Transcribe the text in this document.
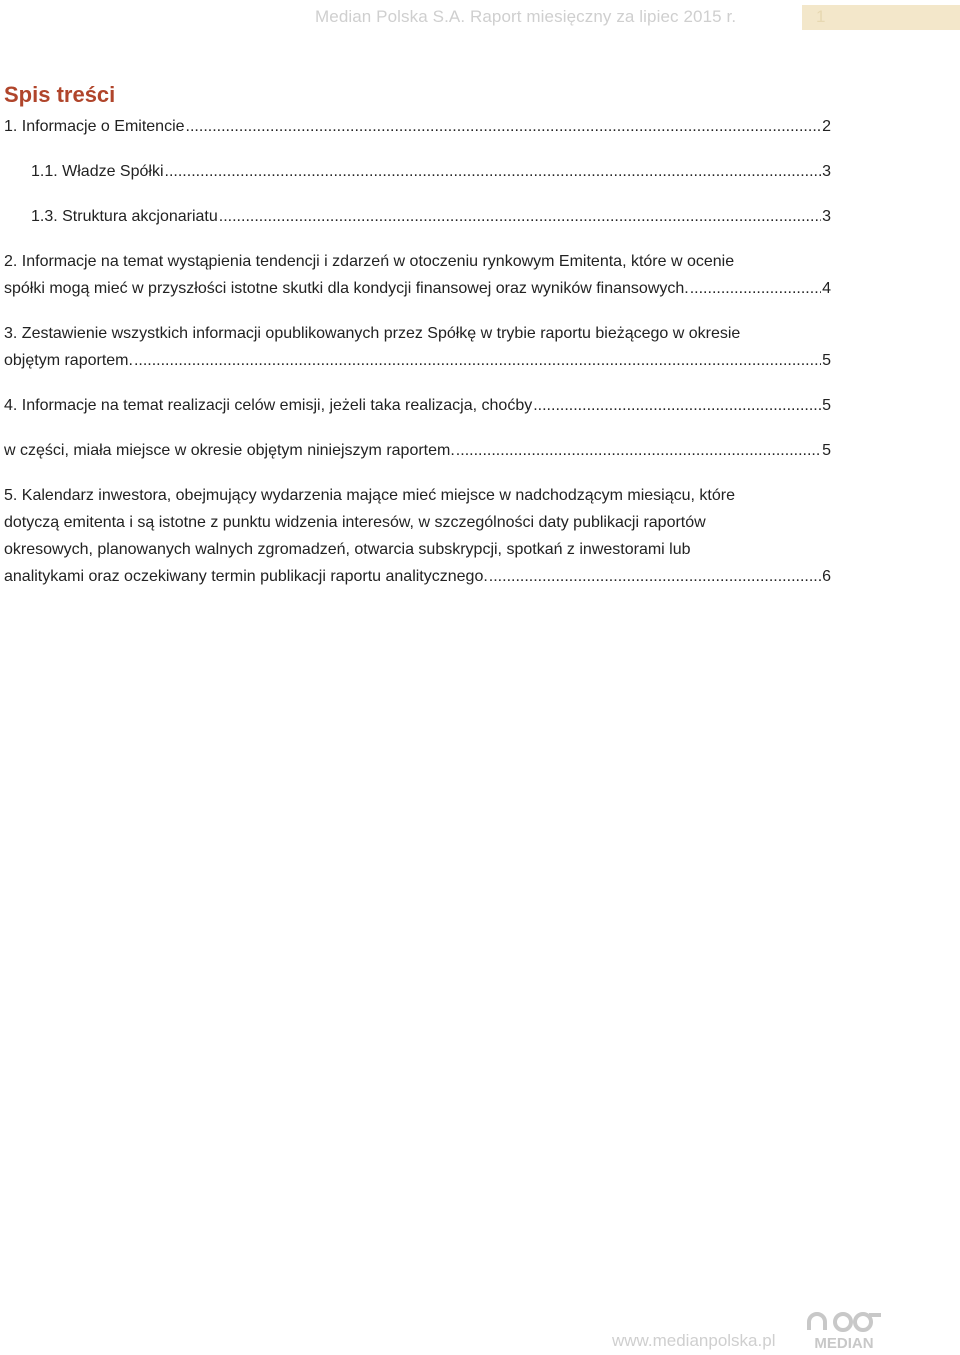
Median Polska S.A. Raport miesięczny za lipiec 2015 r.	1
Spis treści
1. Informacje o Emitencie .....	2
1.1. Władze Spółki .....	3
1.3. Struktura akcjonariatu .....	3
2. Informacje na temat wystąpienia tendencji i zdarzeń w otoczeniu rynkowym Emitenta, które w ocenie
spółki mogą mieć w przyszłości istotne skutki dla kondycji finansowej oraz wyników finansowych. .....	4
3. Zestawienie wszystkich informacji opublikowanych przez Spółkę w trybie raportu bieżącego w okresie
objętym raportem. .....	5
4. Informacje na temat realizacji celów emisji, jeżeli taka realizacja, choćby .....	5
w części, miała miejsce w okresie objętym niniejszym raportem. .....	5
5. Kalendarz inwestora, obejmujący wydarzenia mające mieć miejsce w nadchodzącym miesiącu, które
dotyczą emitenta i są istotne z punktu widzenia interesów, w szczególności daty publikacji raportów
okresowych, planowanych walnych zgromadzeń, otwarcia subskrypcji, spotkań z inwestorami lub
analitykami oraz oczekiwany termin publikacji raportu analitycznego. .....	6
www.medianpolska.pl	MEDIAN
